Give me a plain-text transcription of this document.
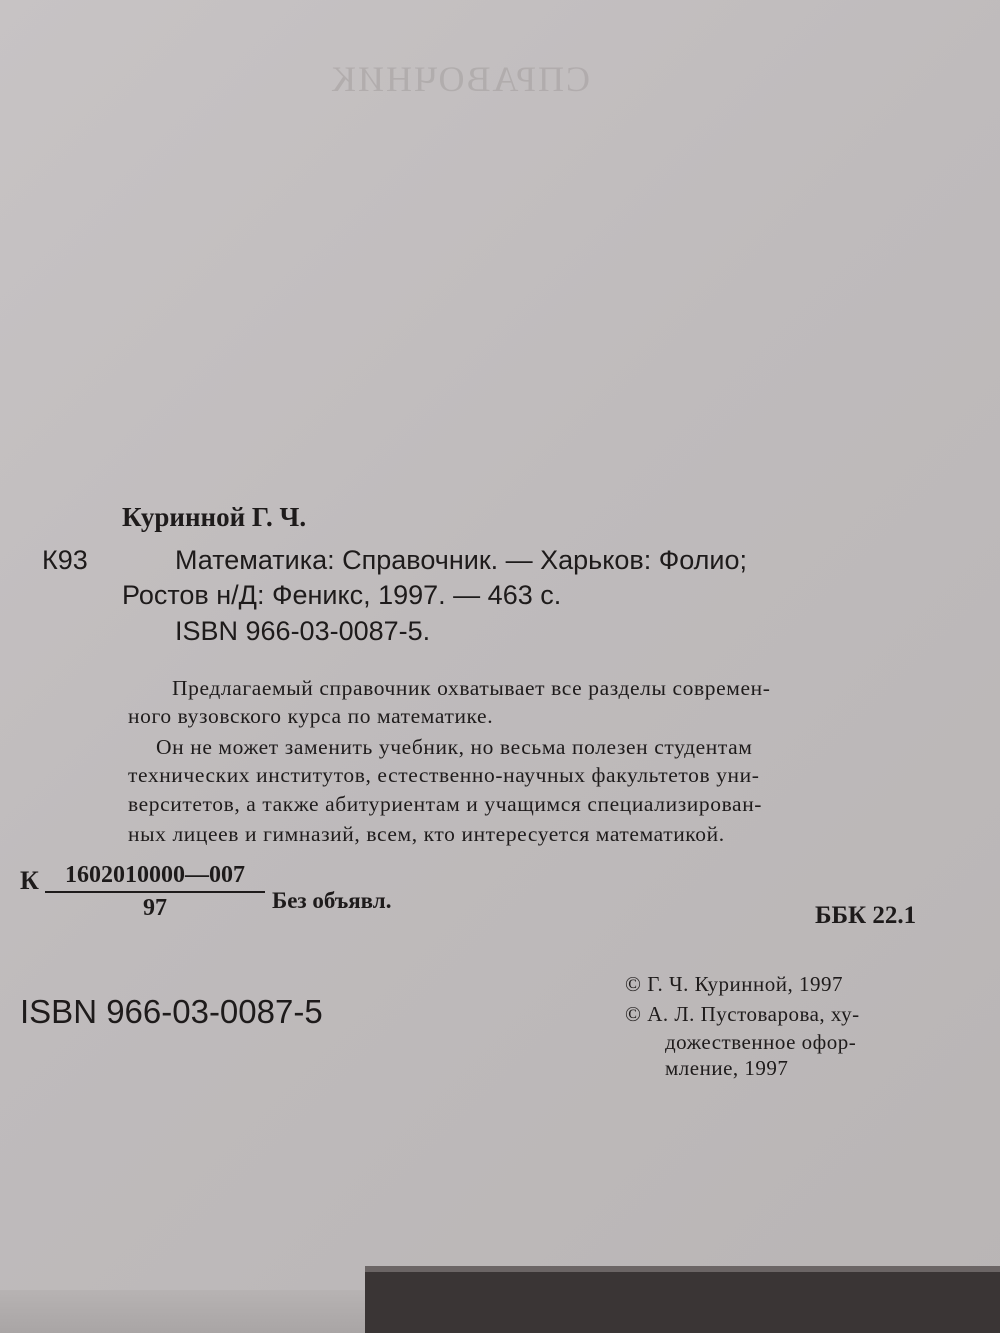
СПРАВОЧНИК
Куринной Г. Ч.
К93	Математика: Справочник. — Харьков: Фолио;
Ростов н/Д: Феникс, 1997. — 463 с.
ISBN 966-03-0087-5.
Предлагаемый справочник охватывает все разделы современ-
ного вузовского курса по математике.
Он не может заменить учебник, но весьма полезен студентам
технических институтов, естественно-научных факультетов уни-
верситетов, а также абитуриентам и учащимся специализирован-
ных лицеев и гимназий, всем, кто интересуется математикой.
К $\frac{1602010000—007}{97}$ Без объявл.
ББК 22.1
ISBN 966-03-0087-5
© Г. Ч. Куринной, 1997
© А. Л. Пустоварова, ху-
дожественное офор-
мление, 1997
